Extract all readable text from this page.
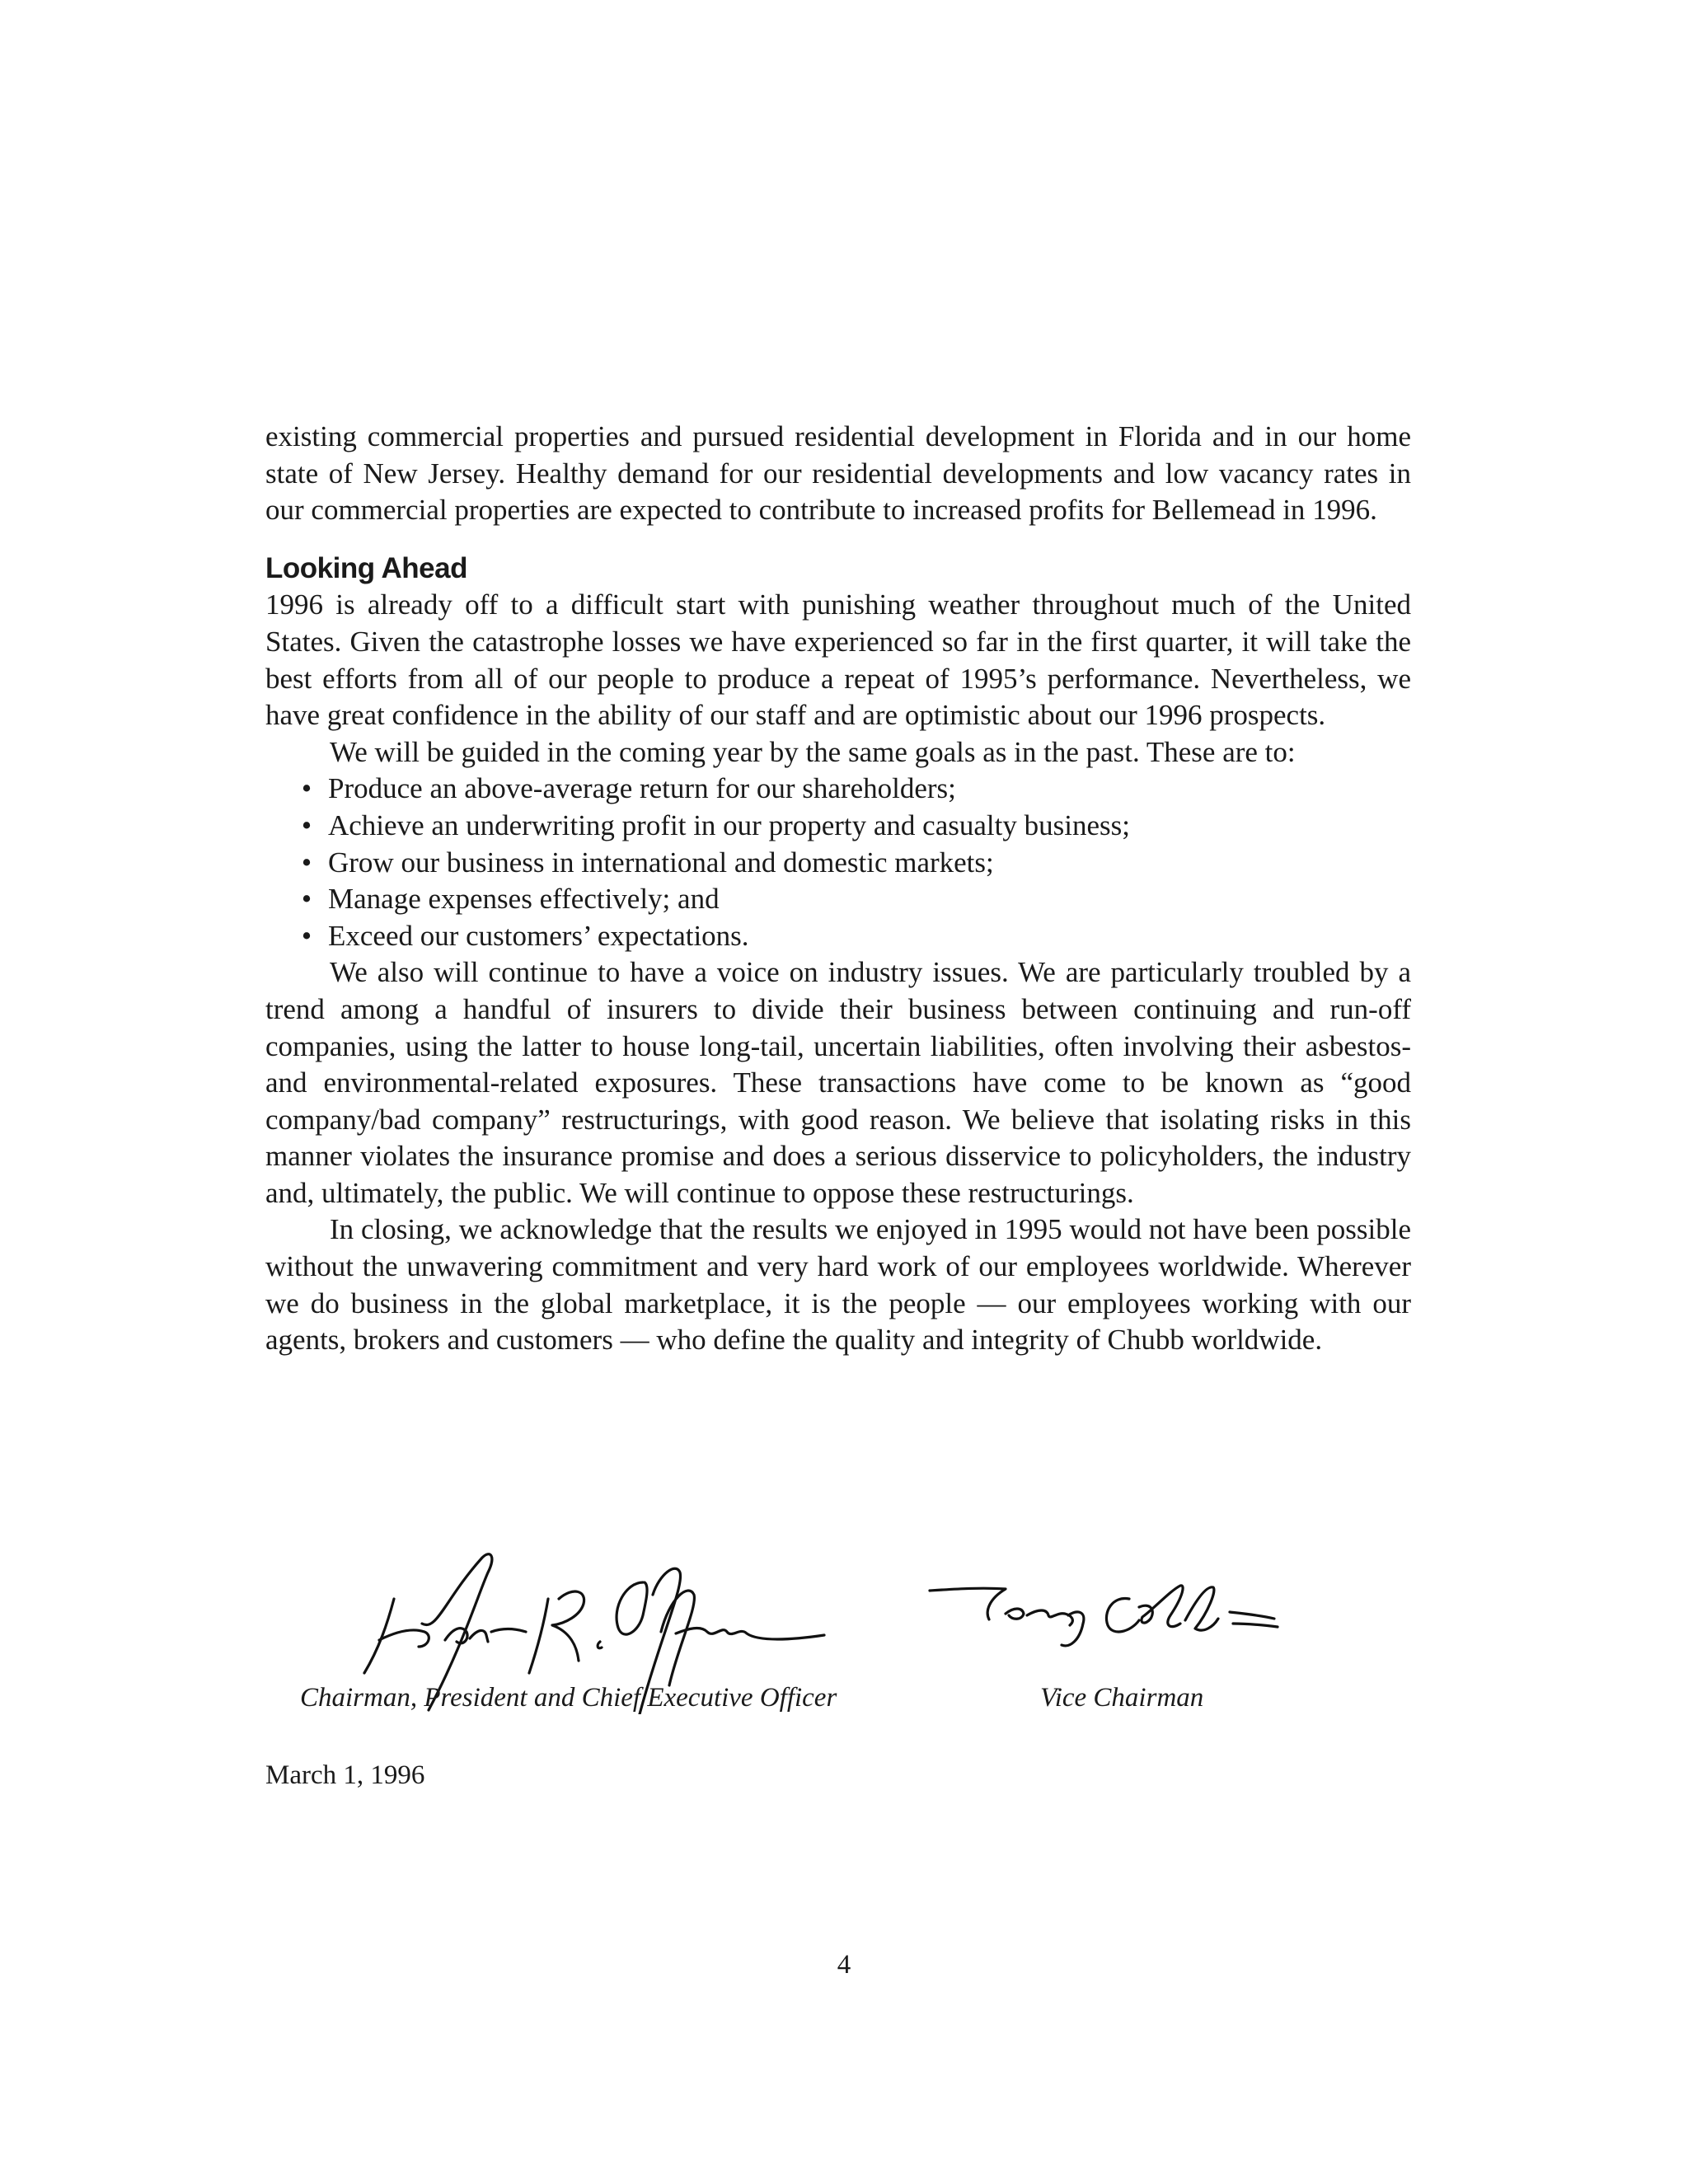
existing commercial properties and pursued residential development in Florida and in our home state of New Jersey. Healthy demand for our residential developments and low vacancy rates in our commercial properties are expected to contribute to increased profits for Bellemead in 1996.

Looking Ahead

1996 is already off to a difficult start with punishing weather throughout much of the United States. Given the catastrophe losses we have experienced so far in the first quarter, it will take the best efforts from all of our people to produce a repeat of 1995’s performance. Nevertheless, we have great confidence in the ability of our staff and are optimistic about our 1996 prospects.

We will be guided in the coming year by the same goals as in the past. These are to:

• Produce an above-average return for our shareholders;
• Achieve an underwriting profit in our property and casualty business;
• Grow our business in international and domestic markets;
• Manage expenses effectively; and
• Exceed our customers’ expectations.

We also will continue to have a voice on industry issues. We are particularly troubled by a trend among a handful of insurers to divide their business between continuing and run-off companies, using the latter to house long-tail, uncertain liabilities, often involving their asbestos- and environmental-related exposures. These transactions have come to be known as “good company/bad company” restructurings, with good reason. We believe that isolating risks in this manner violates the insurance promise and does a serious disservice to policyholders, the industry and, ultimately, the public. We will continue to oppose these restructurings.

In closing, we acknowledge that the results we enjoyed in 1995 would not have been possible without the unwavering commitment and very hard work of our employees worldwide. Wherever we do business in the global marketplace, it is the people — our employees working with our agents, brokers and customers — who define the quality and integrity of Chubb worldwide.

Chairman, President and Chief Executive Officer	Vice Chairman
March 1, 1996
4
